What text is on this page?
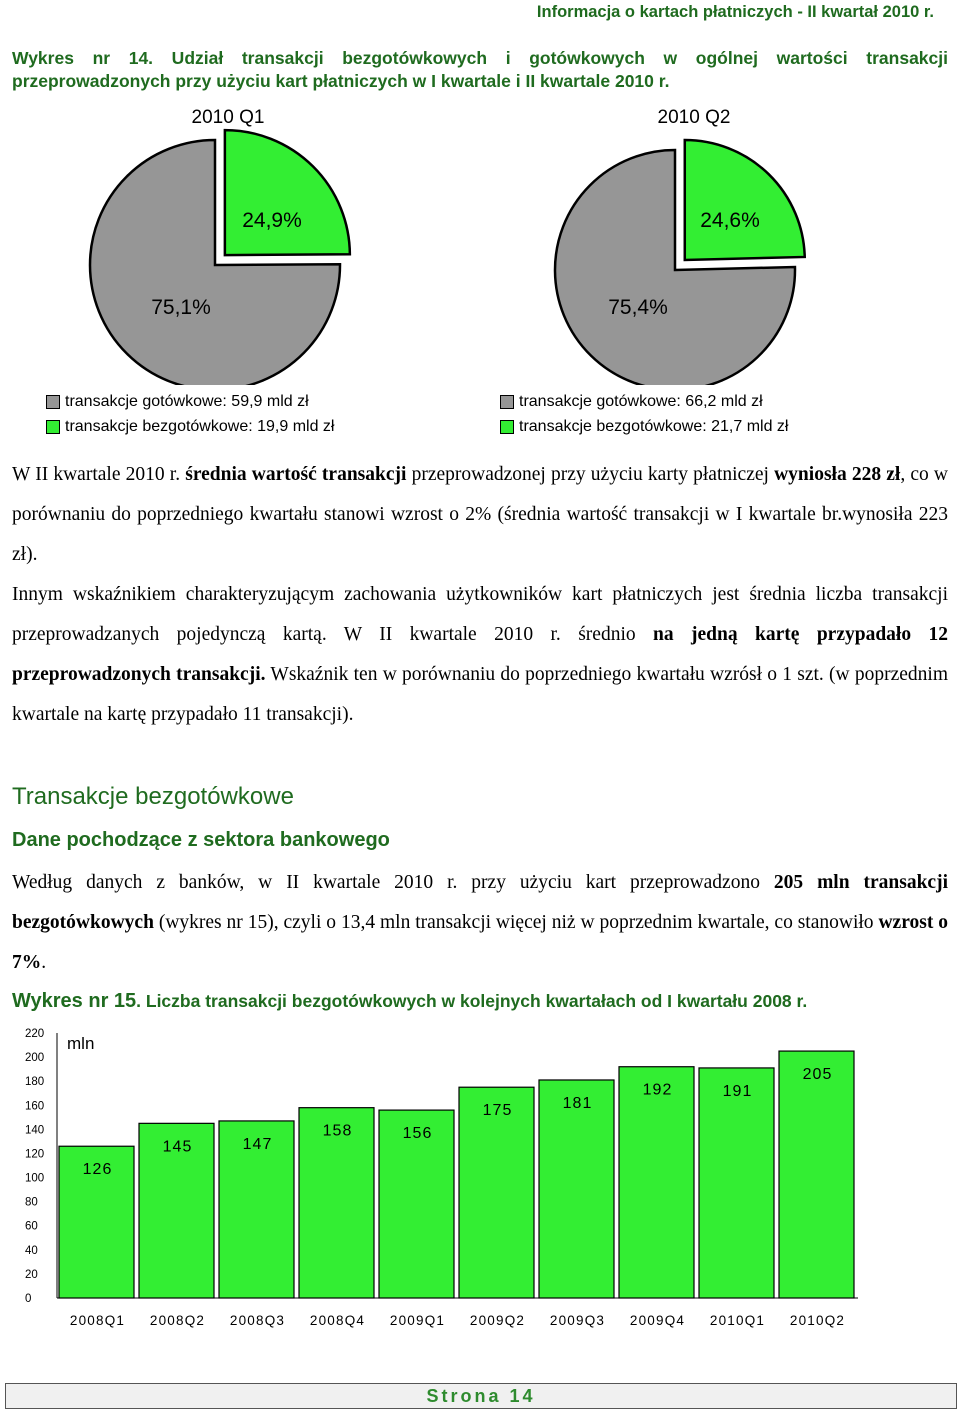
Informacja o kartach płatniczych - II kwartał 2010 r.
Wykres nr 14. Udział transakcji bezgotówkowych i gotówkowych w ogólnej wartości transakcji przeprowadzonych przy użyciu kart płatniczych w I kwartale i II kwartale 2010 r.
2010 Q1
24,9%
75,1%
2010 Q2
24,6%
75,4%
transakcje gotówkowe: 59,9 mld zł
transakcje bezgotówkowe: 19,9 mld zł
transakcje gotówkowe: 66,2 mld zł
transakcje bezgotówkowe: 21,7 mld zł

W II kwartale 2010 r. średnia wartość transakcji przeprowadzonej przy użyciu karty płatniczej wyniosła 228 zł, co w porównaniu do poprzedniego kwartału stanowi wzrost o 2% (średnia wartość transakcji w I kwartale br.wynosiła 223 zł).

Innym wskaźnikiem charakteryzującym zachowania użytkowników kart płatniczych jest średnia liczba transakcji przeprowadzanych pojedynczą kartą. W II kwartale 2010 r. średnio na jedną kartę przypadało 12 przeprowadzonych transakcji. Wskaźnik ten w porównaniu do poprzedniego kwartału wzrósł o 1 szt. (w poprzednim kwartale na kartę przypadało 11 transakcji).

Transakcje bezgotówkowe
Dane pochodzące z sektora bankowego

Według danych z banków, w II kwartale 2010 r. przy użyciu kart przeprowadzono 205 mln transakcji bezgotówkowych (wykres nr 15), czyli o 13,4 mln transakcji więcej niż w poprzednim kwartale, co stanowiło wzrost o 7%.

Wykres nr 15. Liczba transakcji bezgotówkowych w kolejnych kwartałach od I kwartału 2008 r.
0
20
40
60
80
100
120
140
160
180
200
220 mln
126
2008Q1
145
2008Q2
147
2008Q3
158
2008Q4
156
2009Q1
175
2009Q2
181
2009Q3
192
2009Q4
191
2010Q1
205
2010Q2
Strona 14
